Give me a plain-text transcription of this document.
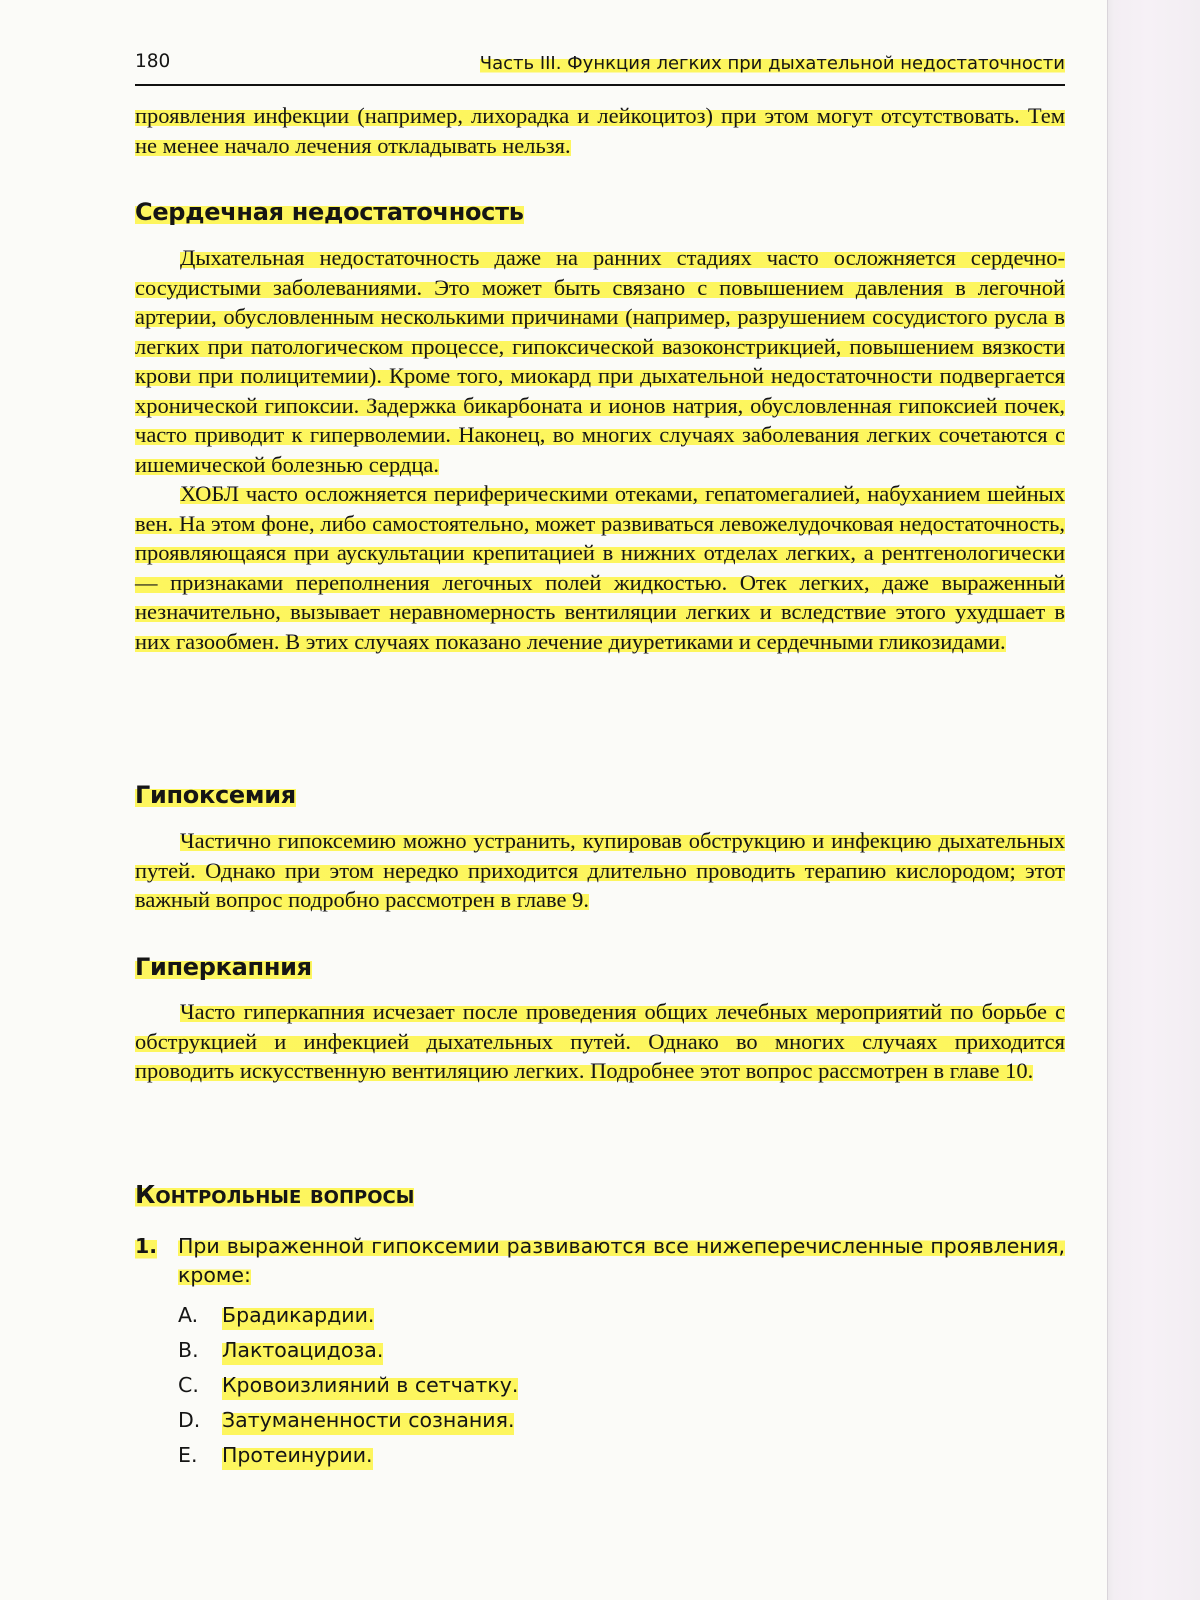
180	Часть III. Функция легких при дыхательной недостаточности

проявления инфекции (например, лихорадка и лейкоцитоз) при этом могут отсутствовать. Тем не менее начало лечения откладывать нельзя.

Сердечная недостаточность

Дыхательная недостаточность даже на ранних стадиях часто осложняется сердечно-сосудистыми заболеваниями. Это может быть связано с повышением давления в легочной артерии, обусловленным несколькими причинами (например, разрушением сосудистого русла в легких при патологическом процессе, гипоксической вазоконстрикцией, повышением вязкости крови при полицитемии). Кроме того, миокард при дыхательной недостаточности подвергается хронической гипоксии. Задержка бикарбоната и ионов натрия, обусловленная гипоксией почек, часто приводит к гиперволемии. Наконец, во многих случаях заболевания легких сочетаются с ишемической болезнью сердца.

ХОБЛ часто осложняется периферическими отеками, гепатомегалией, набуханием шейных вен. На этом фоне, либо самостоятельно, может развиваться левожелудочковая недостаточность, проявляющаяся при аускультации крепитацией в нижних отделах легких, а рентгенологически — признаками переполнения легочных полей жидкостью. Отек легких, даже выраженный незначительно, вызывает неравномерность вентиляции легких и вследствие этого ухудшает в них газообмен. В этих случаях показано лечение диуретиками и сердечными гликозидами.

Гипоксемия

Частично гипоксемию можно устранить, купировав обструкцию и инфекцию дыхательных путей. Однако при этом нередко приходится длительно проводить терапию кислородом; этот важный вопрос подробно рассмотрен в главе 9.

Гиперкапния

Часто гиперкапния исчезает после проведения общих лечебных мероприятий по борьбе с обструкцией и инфекцией дыхательных путей. Однако во многих случаях приходится проводить искусственную вентиляцию легких. Подробнее этот вопрос рассмотрен в главе 10.

Контрольные вопросы
1. При выраженной гипоксемии развиваются все нижеперечисленные проявления, кроме:
A. Брадикардии.
B. Лактоацидоза.
C. Кровоизлияний в сетчатку.
D. Затуманенности сознания.
E. Протеинурии.
